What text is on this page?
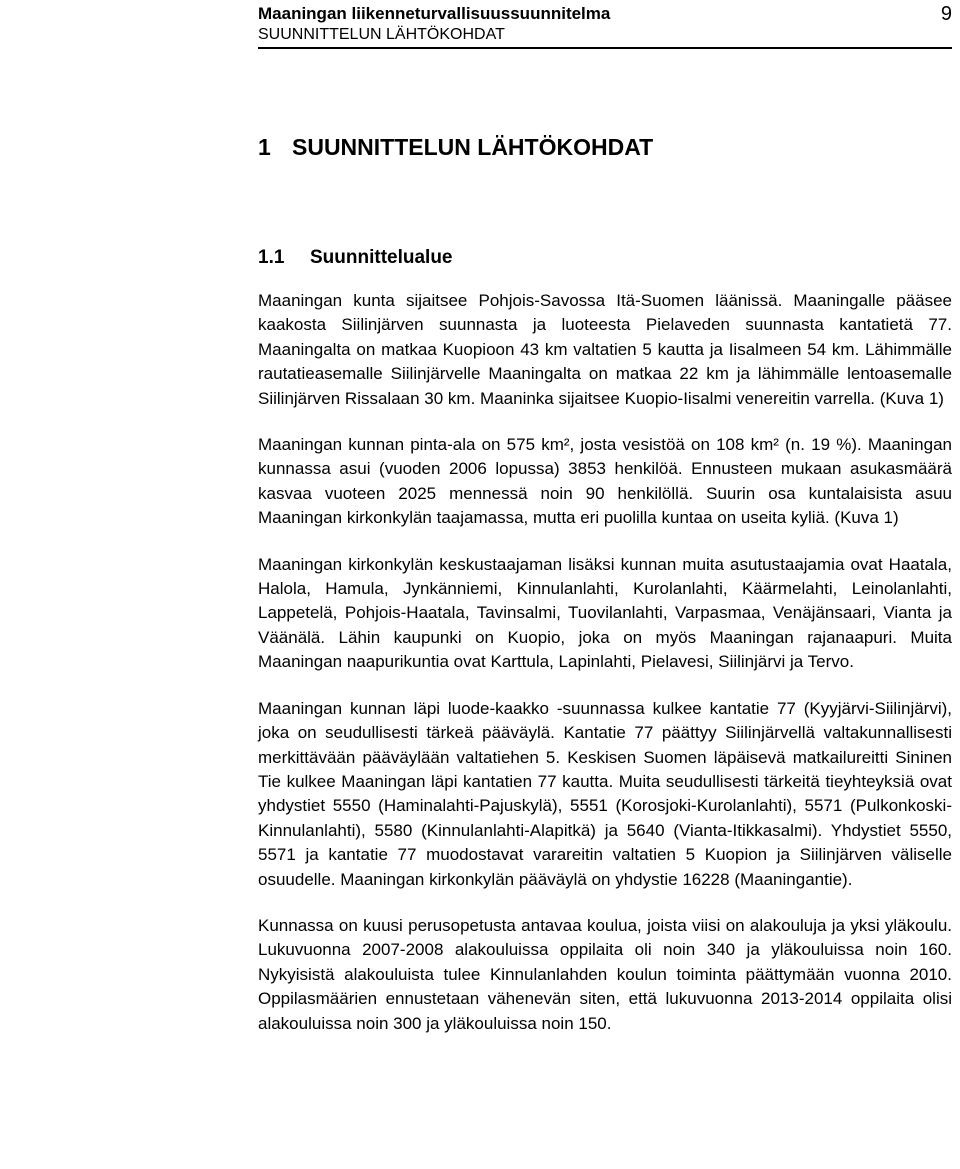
Maaningan liikenneturvallisuussuunnitelma
SUUNNITTELUN LÄHTÖKOHDAT
9
1 SUUNNITTELUN LÄHTÖKOHDAT
1.1 Suunnittelualue

Maaningan kunta sijaitsee Pohjois-Savossa Itä-Suomen läänissä. Maaningalle pääsee kaakosta Siilinjärven suunnasta ja luoteesta Pielaveden suunnasta kantatietä 77. Maaningalta on matkaa Kuopioon 43 km valtatien 5 kautta ja Iisalmeen 54 km. Lähimmälle rautatieasemalle Siilinjärvelle Maaningalta on matkaa 22 km ja lähimmälle lentoasemalle Siilinjärven Rissalaan 30 km. Maaninka sijaitsee Kuopio-Iisalmi venereitin varrella. (Kuva 1)

Maaningan kunnan pinta-ala on 575 km², josta vesistöä on 108 km² (n. 19 %). Maaningan kunnassa asui (vuoden 2006 lopussa) 3853 henkilöä. Ennusteen mukaan asukasmäärä kasvaa vuoteen 2025 mennessä noin 90 henkilöllä. Suurin osa kuntalaisista asuu Maaningan kirkonkylän taajamassa, mutta eri puolilla kuntaa on useita kyliä. (Kuva 1)

Maaningan kirkonkylän keskustaajaman lisäksi kunnan muita asutustaajamia ovat Haatala, Halola, Hamula, Jynkänniemi, Kinnulanlahti, Kurolanlahti, Käärmelahti, Leinolanlahti, Lappetelä, Pohjois-Haatala, Tavinsalmi, Tuovilanlahti, Varpasmaa, Venäjänsaari, Vianta ja Väänälä. Lähin kaupunki on Kuopio, joka on myös Maaningan rajanaapuri. Muita Maaningan naapurikuntia ovat Karttula, Lapinlahti, Pielavesi, Siilinjärvi ja Tervo.

Maaningan kunnan läpi luode-kaakko -suunnassa kulkee kantatie 77 (Kyyjärvi-Siilinjärvi), joka on seudullisesti tärkeä pääväylä. Kantatie 77 päättyy Siilinjärvellä valtakunnallisesti merkittävään pääväylään valtatiehen 5. Keskisen Suomen läpäisevä matkailureitti Sininen Tie kulkee Maaningan läpi kantatien 77 kautta. Muita seudullisesti tärkeitä tieyhteyksiä ovat yhdystiet 5550 (Haminalahti-Pajuskylä), 5551 (Korosjoki-Kurolanlahti), 5571 (Pulkonkoski-Kinnulanlahti), 5580 (Kinnulanlahti-Alapitkä) ja 5640 (Vianta-Itikkasalmi). Yhdystiet 5550, 5571 ja kantatie 77 muodostavat varareitin valtatien 5 Kuopion ja Siilinjärven väliselle osuudelle. Maaningan kirkonkylän pääväylä on yhdystie 16228 (Maaningantie).

Kunnassa on kuusi perusopetusta antavaa koulua, joista viisi on alakouluja ja yksi yläkoulu. Lukuvuonna 2007-2008 alakouluissa oppilaita oli noin 340 ja yläkouluissa noin 160. Nykyisistä alakouluista tulee Kinnulanlahden koulun toiminta päättymään vuonna 2010. Oppilasmäärien ennustetaan vähenevän siten, että lukuvuonna 2013-2014 oppilaita olisi alakouluissa noin 300 ja yläkouluissa noin 150.
